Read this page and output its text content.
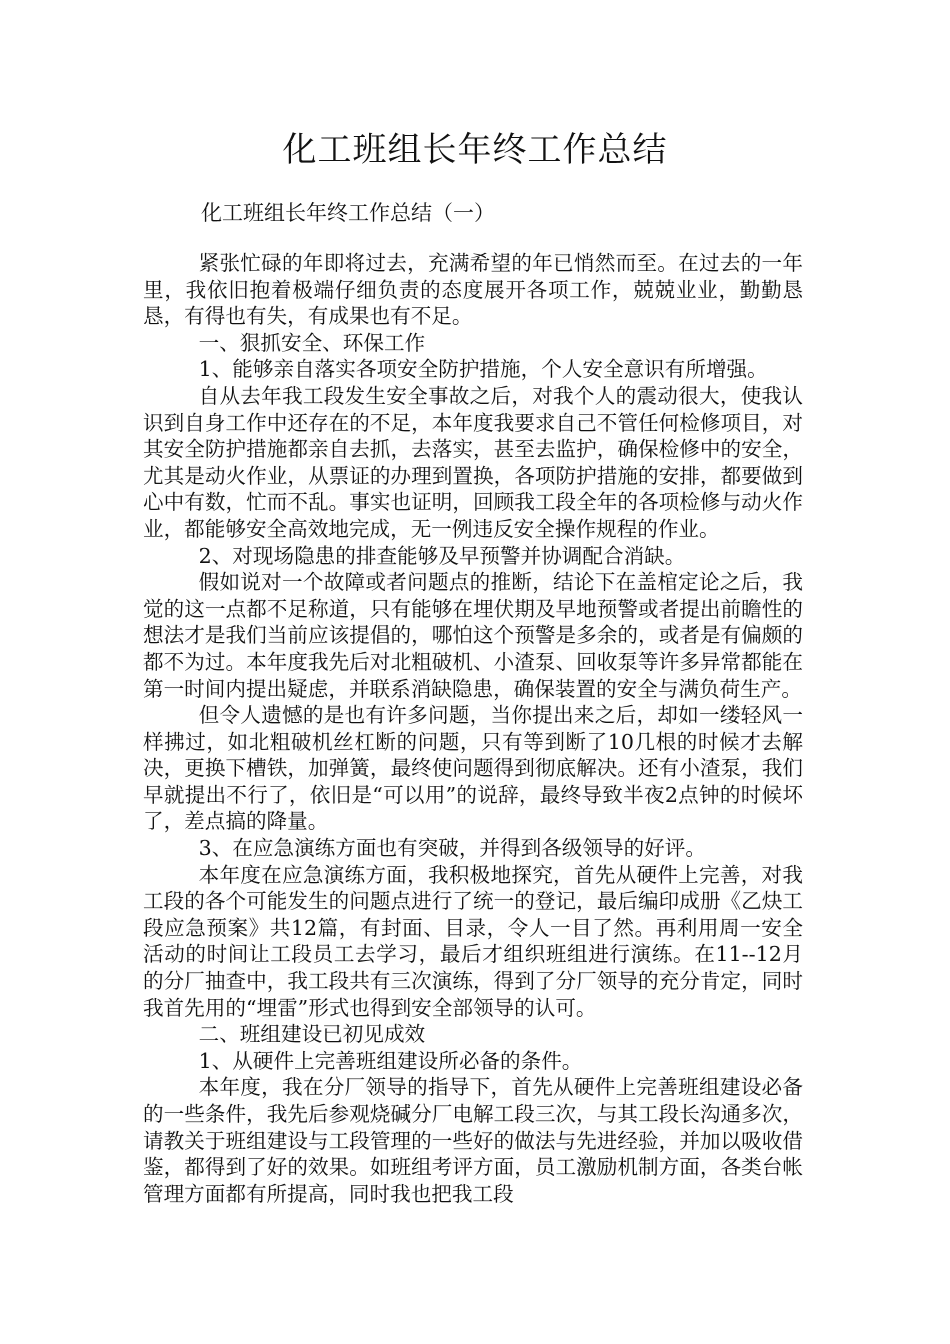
化工班组长年终工作总结
化工班组长年终工作总结（一）

紧张忙碌的年即将过去，充满希望的年已悄然而至。在过去的一年里，我依旧抱着极端仔细负责的态度展开各项工作，兢兢业业，勤勤恳恳，有得也有失，有成果也有不足。

一、狠抓安全、环保工作

1、能够亲自落实各项安全防护措施，个人安全意识有所增强。

自从去年我工段发生安全事故之后，对我个人的震动很大，使我认识到自身工作中还存在的不足，本年度我要求自己不管任何检修项目，对其安全防护措施都亲自去抓，去落实，甚至去监护，确保检修中的安全，尤其是动火作业，从票证的办理到置换，各项防护措施的安排，都要做到心中有数，忙而不乱。事实也证明，回顾我工段全年的各项检修与动火作业，都能够安全高效地完成，无一例违反安全操作规程的作业。

2、对现场隐患的排查能够及早预警并协调配合消缺。

假如说对一个故障或者问题点的推断，结论下在盖棺定论之后，我觉的这一点都不足称道，只有能够在埋伏期及早地预警或者提出前瞻性的想法才是我们当前应该提倡的，哪怕这个预警是多余的，或者是有偏颇的都不为过。本年度我先后对北粗破机、小渣泵、回收泵等许多异常都能在第一时间内提出疑虑，并联系消缺隐患，确保装置的安全与满负荷生产。

但令人遗憾的是也有许多问题，当你提出来之后，却如一缕轻风一样拂过，如北粗破机丝杠断的问题，只有等到断了10几根的时候才去解决，更换下槽铁，加弹簧，最终使问题得到彻底解决。还有小渣泵，我们早就提出不行了，依旧是“可以用”的说辞，最终导致半夜2点钟的时候坏了，差点搞的降量。

3、在应急演练方面也有突破，并得到各级领导的好评。

本年度在应急演练方面，我积极地探究，首先从硬件上完善，对我工段的各个可能发生的问题点进行了统一的登记，最后编印成册《乙炔工段应急预案》共12篇，有封面、目录，令人一目了然。再利用周一安全活动的时间让工段员工去学习，最后才组织班组进行演练。在11--12月的分厂抽查中，我工段共有三次演练，得到了分厂领导的充分肯定，同时我首先用的“埋雷”形式也得到安全部领导的认可。

二、班组建设已初见成效

1、从硬件上完善班组建设所必备的条件。

本年度，我在分厂领导的指导下，首先从硬件上完善班组建设必备的一些条件，我先后参观烧碱分厂电解工段三次，与其工段长沟通多次，请教关于班组建设与工段管理的一些好的做法与先进经验，并加以吸收借鉴，都得到了好的效果。如班组考评方面，员工激励机制方面，各类台帐管理方面都有所提高，同时我也把我工段
